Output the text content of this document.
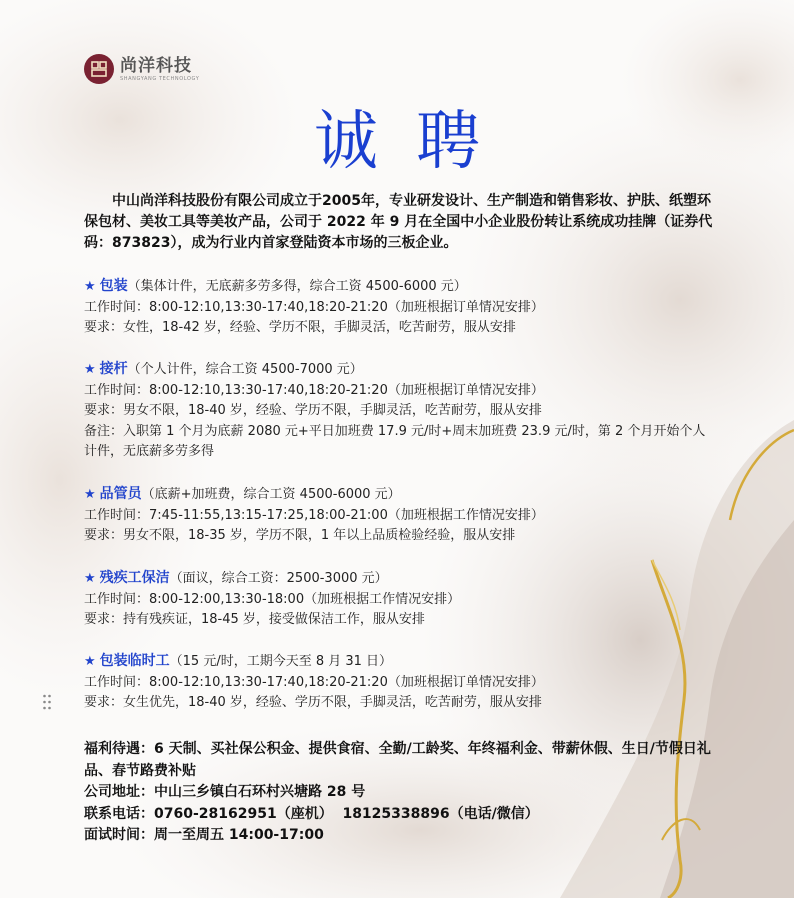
尚洋科技
SHANGYANG TECHNOLOGY
诚聘
中山尚洋科技股份有限公司成立于2005年，专业研发设计、生产制造和销售彩妆、护肤、纸塑环保包材、美妆工具等美妆产品，公司于 2022 年 9 月在全国中小企业股份转让系统成功挂牌（证券代码：873823），成为行业内首家登陆资本市场的三板企业。
★ 包装（集体计件，无底薪多劳多得，综合工资 4500-6000 元）
工作时间：8:00-12:10,13:30-17:40,18:20-21:20（加班根据订单情况安排）
要求：女性，18-42 岁，经验、学历不限，手脚灵活，吃苦耐劳，服从安排
★ 接杆（个人计件，综合工资 4500-7000 元）
工作时间：8:00-12:10,13:30-17:40,18:20-21:20（加班根据订单情况安排）
要求：男女不限，18-40 岁，经验、学历不限，手脚灵活，吃苦耐劳，服从安排
备注：入职第 1 个月为底薪 2080 元+平日加班费 17.9 元/时+周末加班费 23.9 元/时，第 2 个月开始个人计件，无底薪多劳多得
★ 品管员（底薪+加班费，综合工资 4500-6000 元）
工作时间：7:45-11:55,13:15-17:25,18:00-21:00（加班根据工作情况安排）
要求：男女不限，18-35 岁，学历不限，1 年以上品质检验经验，服从安排
★ 残疾工保洁（面议，综合工资：2500-3000 元）
工作时间：8:00-12:00,13:30-18:00（加班根据工作情况安排）
要求：持有残疾证，18-45 岁，接受做保洁工作，服从安排
★ 包装临时工（15 元/时，工期今天至 8 月 31 日）
工作时间：8:00-12:10,13:30-17:40,18:20-21:20（加班根据订单情况安排）
要求：女生优先，18-40 岁，经验、学历不限，手脚灵活，吃苦耐劳，服从安排
福利待遇：6 天制、买社保公积金、提供食宿、全勤/工龄奖、年终福利金、带薪休假、生日/节假日礼品、春节路费补贴
公司地址：中山三乡镇白石环村兴塘路 28 号
联系电话：0760-28162951（座机）  18125338896（电话/微信）
面试时间：周一至周五 14:00-17:00
